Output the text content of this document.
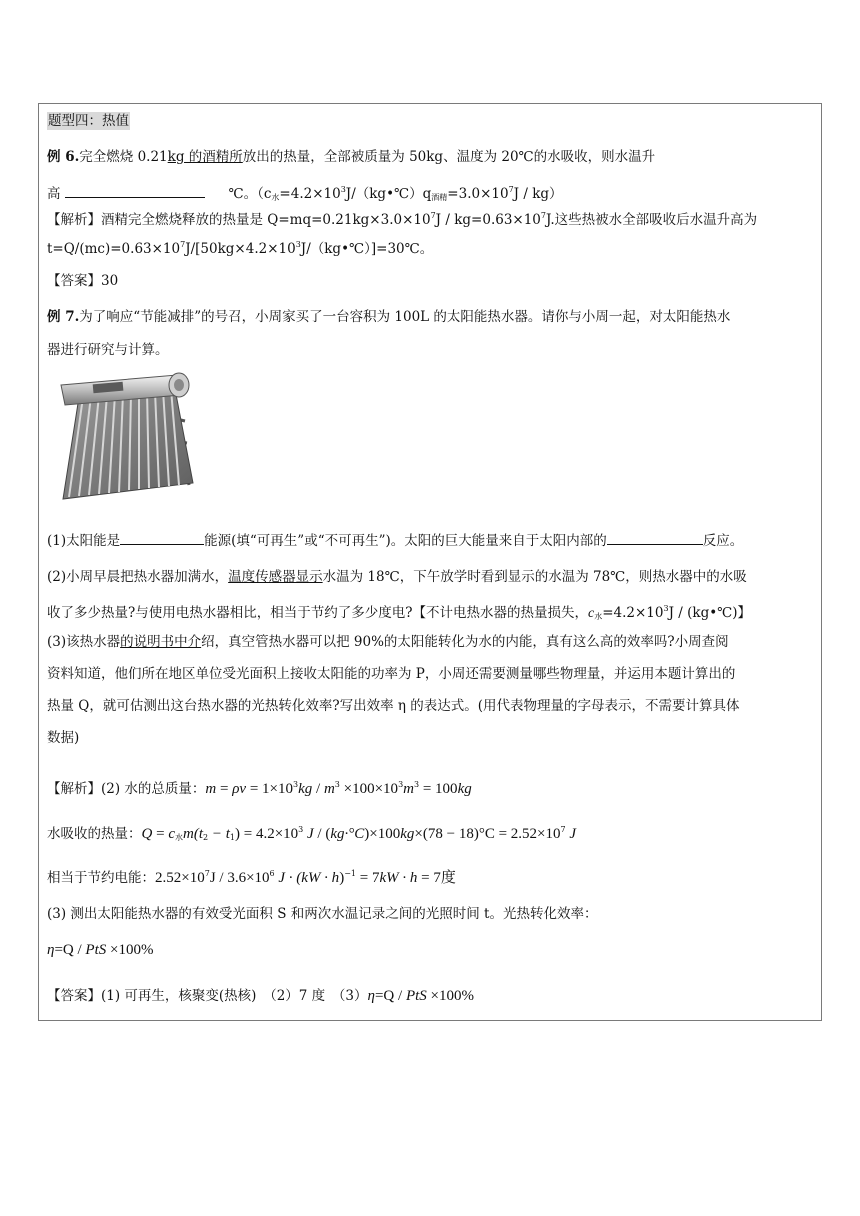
题型四：热值
例 6.完全燃烧 0.21kg 的酒精所放出的热量，全部被质量为 50kg、温度为 20℃的水吸收，则水温升
高	℃。$(c_水=4.2\times 10^3J/(kg•℃)q_{酒精}=3.0\times 10^7J / kg)$
【解析】酒精完全燃烧释放的热量是 $Q=mq=0.21kg\times 3.0\times 10^7J / kg=0.63\times 10^7J$.这些热被水全部吸收后水温升高为
$t=Q/(mc)=0.63\times 10^7J/[50kg\times 4.2\times 10^3J/(kg•℃)]=30℃$。
【答案】30
例 7.为了响应“节能减排”的号召，小周家买了一台容积为 100L 的太阳能热水器。请你与小周一起，对太阳能热水
器进行研究与计算。
(1)太阳能是	能源(填“可再生”或“不可再生”)。太阳的巨大能量来自于太阳内部的	反应。
(2)小周早晨把热水器加满水，温度传感器显示水温为 18℃，下午放学时看到显示的水温为 78℃，则热水器中的水吸
收了多少热量?与使用电热水器相比，相当于节约了多少度电?【不计电热水器的热量损失，$c_水=4.2\times 10^3J$ / (kg•℃)】
(3)该热水器的说明书中介绍，真空管热水器可以把 90%的太阳能转化为水的内能，真有这么高的效率吗?小周查阅
资料知道，他们所在地区单位受光面积上接收太阳能的功率为 P，小周还需要测量哪些物理量，并运用本题计算出的
热量 Q，就可估测出这台热水器的光热转化效率?写出效率 η 的表达式。(用代表物理量的字母表示，不需要计算具体
数据)
【解析】(2) 水的总质量：$m = \rho v = 1\times 10^3kg / m^3 \times 100\times 10^3m^3 = 100kg$
水吸收的热量：$Q = c_水m(t_2 - t_1) = 4.2\times 10^3$ $J / (kg\cdot^\circ C)\times 100kg\times(78 - 18)^\circ C = 2.52\times 10^7$ J
相当于节约电能：$2.52\times 10^7J / 3.6\times 10^6$ J · (kW · h)$^{-1}$ = 7kW · h = 7度
(3) 测出太阳能热水器的有效受光面积 S 和两次水温记录之间的光照时间 t。光热转化效率：
η=Q / PtS ×100%
【答案】(1) 可再生，核聚变(热核)　（2）7 度　（3）η=Q / PtS ×100%
